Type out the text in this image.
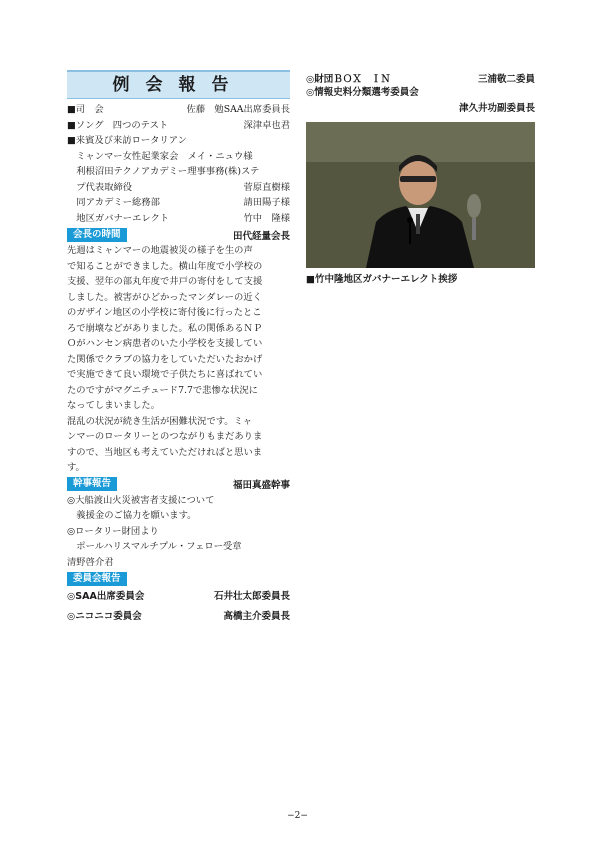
例会報告
■司　会	佐藤　勉SAA出席委員長
■ソング　四つのテスト	深津卓也君
■来賓及び来訪ロータリアン
　ミャンマー女性起業家会　メイ・ニュウ様
　利根沼田テクノアカデミー理事事務(株)ステ
　プ代表取締役	菅原直樹様
　同アカデミー総務部	請田陽子様
　地区ガバナーエレクト	竹中　隆様
会長の時間	田代経量会長
先週はミャンマーの地震被災の様子を生の声
で知ることができました。横山年度で小学校の
支援、翌年の部丸年度で井戸の寄付をして支援
しました。被害がひどかったマンダレーの近く
のガザイン地区の小学校に寄付後に行ったとこ
ろで崩壊などがありました。私の関係あるＮＰ
Ｏがハンセン病患者のいた小学校を支援してい
た関係でクラブの協力をしていただいたおかげ
で実施できて良い環境で子供たちに喜ばれてい
たのですがマグニチュード7.7で悲惨な状況に
なってしまいました。
混乱の状況が続き生活が困難状況です。ミャ
ンマーのロータリーとのつながりもまだありま
すので、当地区も考えていただければと思いま
す。
幹事報告	福田真盛幹事
◎大船渡山火災被害者支援について
　義援金のご協力を願います。
◎ロータリー財団より
　ポールハリスマルチプル・フェロー受章
清野啓介君
委員会報告
◎SAA出席委員会	石井壮太郎委員長

◎ニコニコ委員会	高橋主介委員長
◎財団ＢＯＸ　ＩＮ	三浦敬二委員
◎情報史料分類選考委員会
津久井功副委員長
■竹中隆地区ガバナーエレクト挨拶
−2−
